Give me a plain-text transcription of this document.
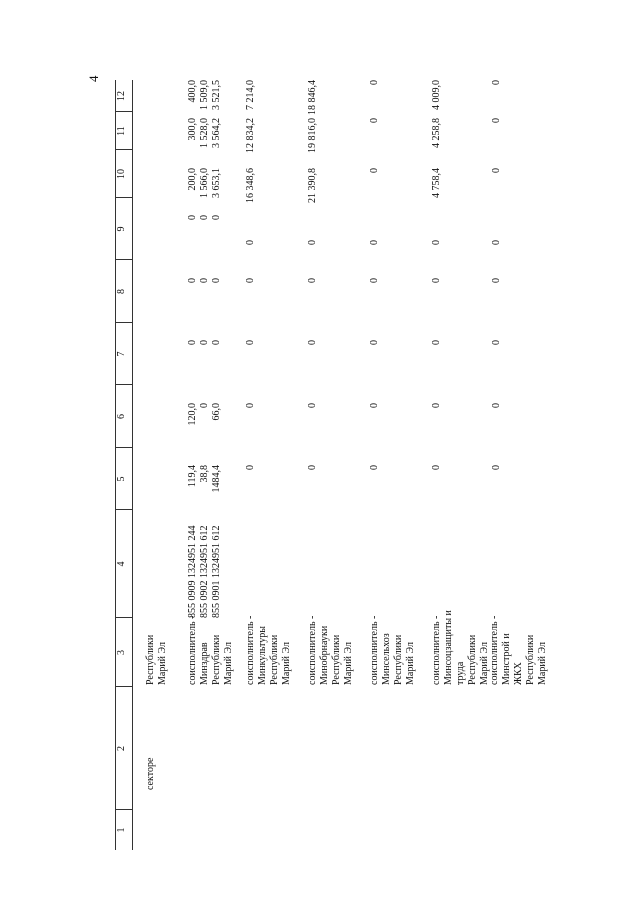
4
1
2
3
4
5
6
7
8
9
10
11
12
секторе
Республики Марий Эл соисполнитель - Минздрав Республики Марий Эл
855 0909 1324951 244 855 0902 1324951 612 855 0901 1324951 612
119,4 38,8 1484,4
120,0 0 66,0
0 0 0
0 0 0
0 0 0
200,0 1 566,0 3 653,1
300,0 1 528,0 3 564,2
400,0 1 509,0 3 521,5
соисполнитель - Минкультуры Республики Марий Эл
0
0
0
0
0
16 348,6
12 834,2
7 214,0
соисполнитель - Минобрнауки Республики Марий Эл
0
0
0
0
0
21 390,8
19 816,0
18 846,4
соисполнитель - Минсельхоз Республики Марий Эл
0
0
0
0
0
0
0
0
соисполнитель - Минсоцзащиты и труда Республики Марий Эл
0
0
0
0
0
4 758,4
4 258,8
4 009,0
соисполнитель - Минстрой и ЖКХ Республики Марий Эл
0
0
0
0
0
0
0
0
